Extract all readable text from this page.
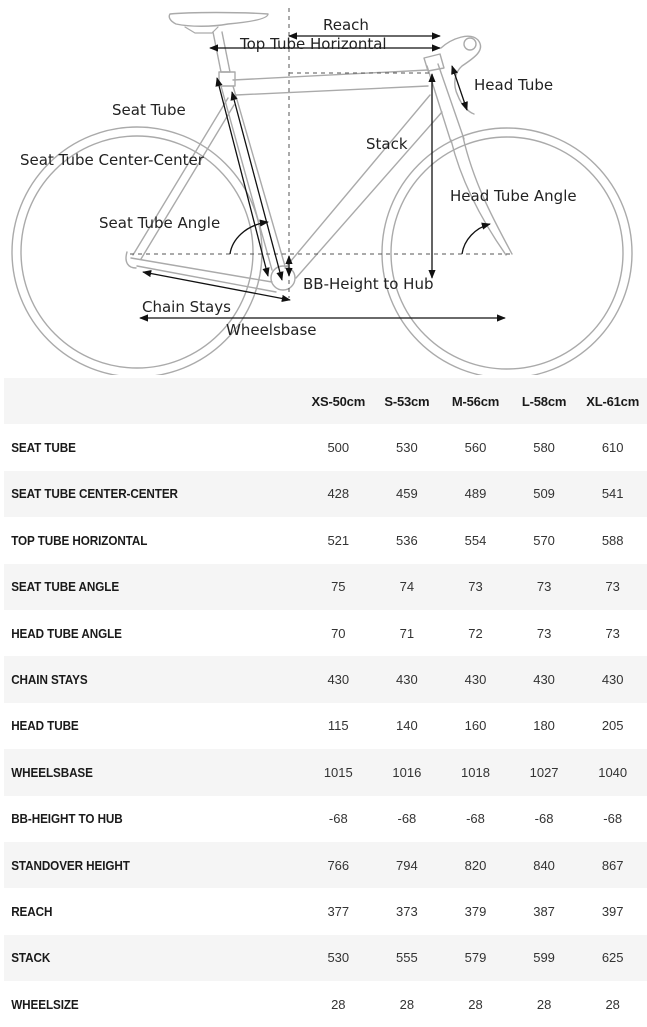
Reach
Top Tube Horizontal
Head Tube
Seat Tube
Stack
Seat Tube Center-Center
Head Tube Angle
Seat Tube Angle
BB-Height to Hub
Chain Stays
Wheelsbase
	XS-50cm	S-53cm	M-56cm	L-58cm	XL-61cm
SEAT TUBE	500	530	560	580	610
SEAT TUBE CENTER-CENTER	428	459	489	509	541
TOP TUBE HORIZONTAL	521	536	554	570	588
SEAT TUBE ANGLE	75	74	73	73	73
HEAD TUBE ANGLE	70	71	72	73	73
CHAIN STAYS	430	430	430	430	430
HEAD TUBE	115	140	160	180	205
WHEELSBASE	1015	1016	1018	1027	1040
BB-HEIGHT TO HUB	-68	-68	-68	-68	-68
STANDOVER HEIGHT	766	794	820	840	867
REACH	377	373	379	387	397
STACK	530	555	579	599	625
WHEELSIZE	28	28	28	28	28
